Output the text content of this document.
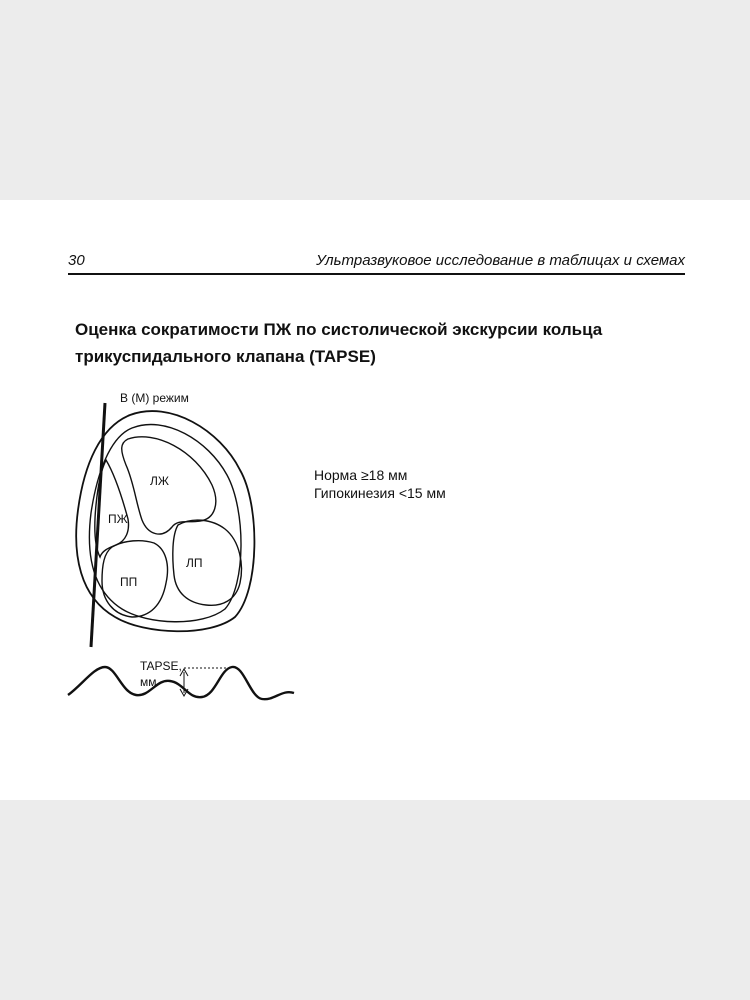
30	Ультразвуковое исследование в таблицах и схемах
Оценка сократимости ПЖ по систолической экскурсии кольца
трикуспидального клапана (TAPSE)
B (M) режим
ЛЖ
ПЖ
ПП
ЛП
TAPSE,
мм
Норма ≥18 мм
Гипокинезия <15 мм
